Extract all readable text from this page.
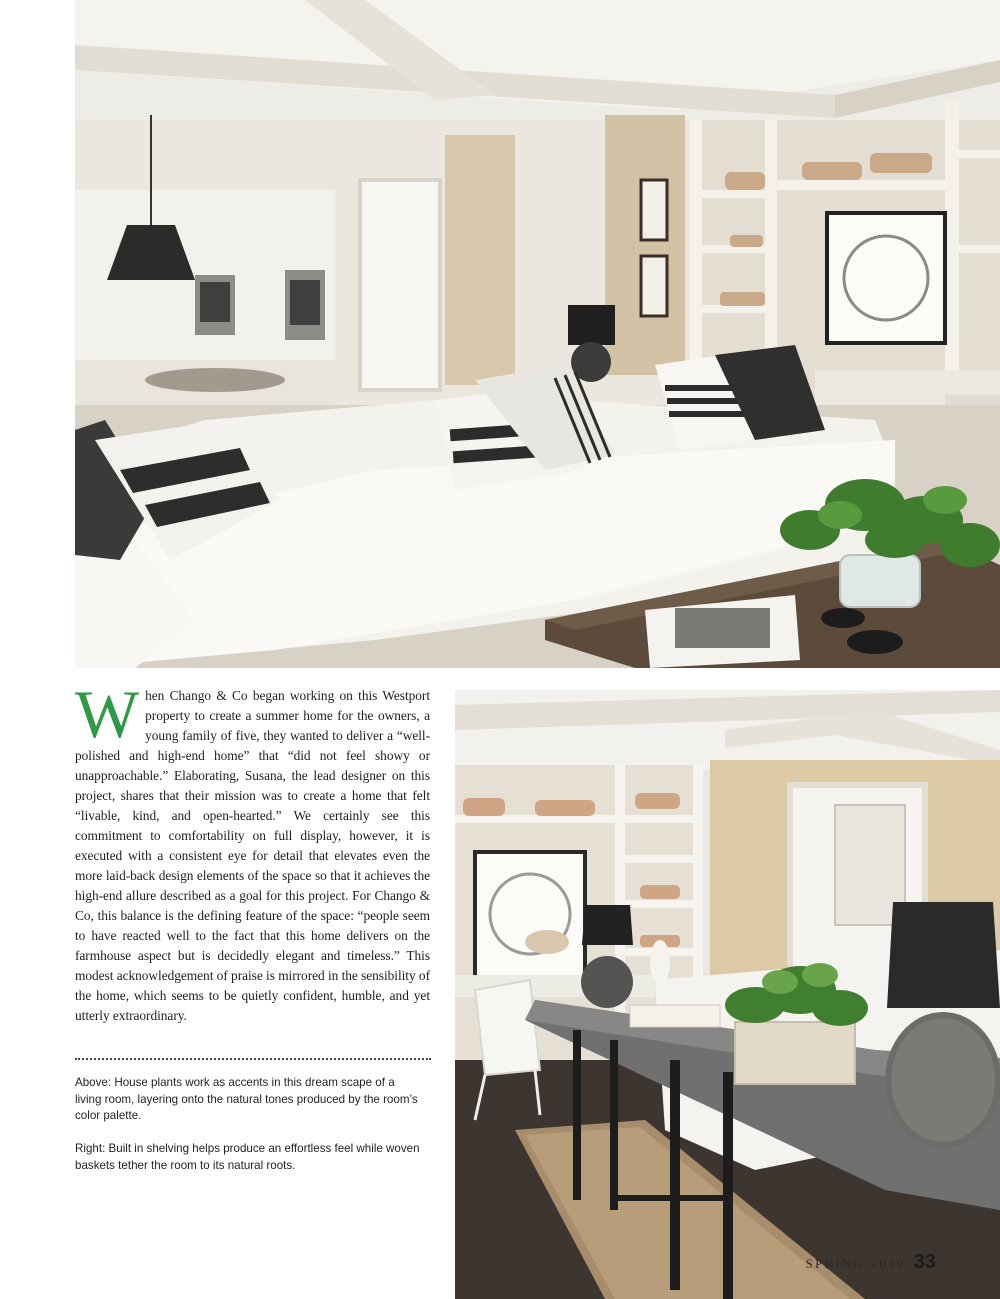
When Chango & Co began working on this Westport property to create a summer home for the owners, a young family of five, they wanted to deliver a “well-polished and high-end home” that “did not feel showy or unapproachable.” Elaborating, Susana, the lead designer on this project, shares that their mission was to create a home that felt “livable, kind, and open-hearted.” We certainly see this commitment to comfortability on full display, however, it is executed with a consistent eye for detail that elevates even the more laid-back design elements of the space so that it achieves the high-end allure described as a goal for this project. For Chango & Co, this balance is the defining feature of the space: “people seem to have reacted well to the fact that this home delivers on the farmhouse aspect but is decidedly elegant and timeless.” This modest acknowledgement of praise is mirrored in the sensibility of the home, which seems to be quietly confident, humble, and yet utterly extraordinary.
Above: House plants work as accents in this dream scape of a living room, layering onto the natural tones produced by the room’s color palette.
Right: Built in shelving helps produce an effortless feel while woven baskets tether the room to its natural roots.
SPRING 2019 33
